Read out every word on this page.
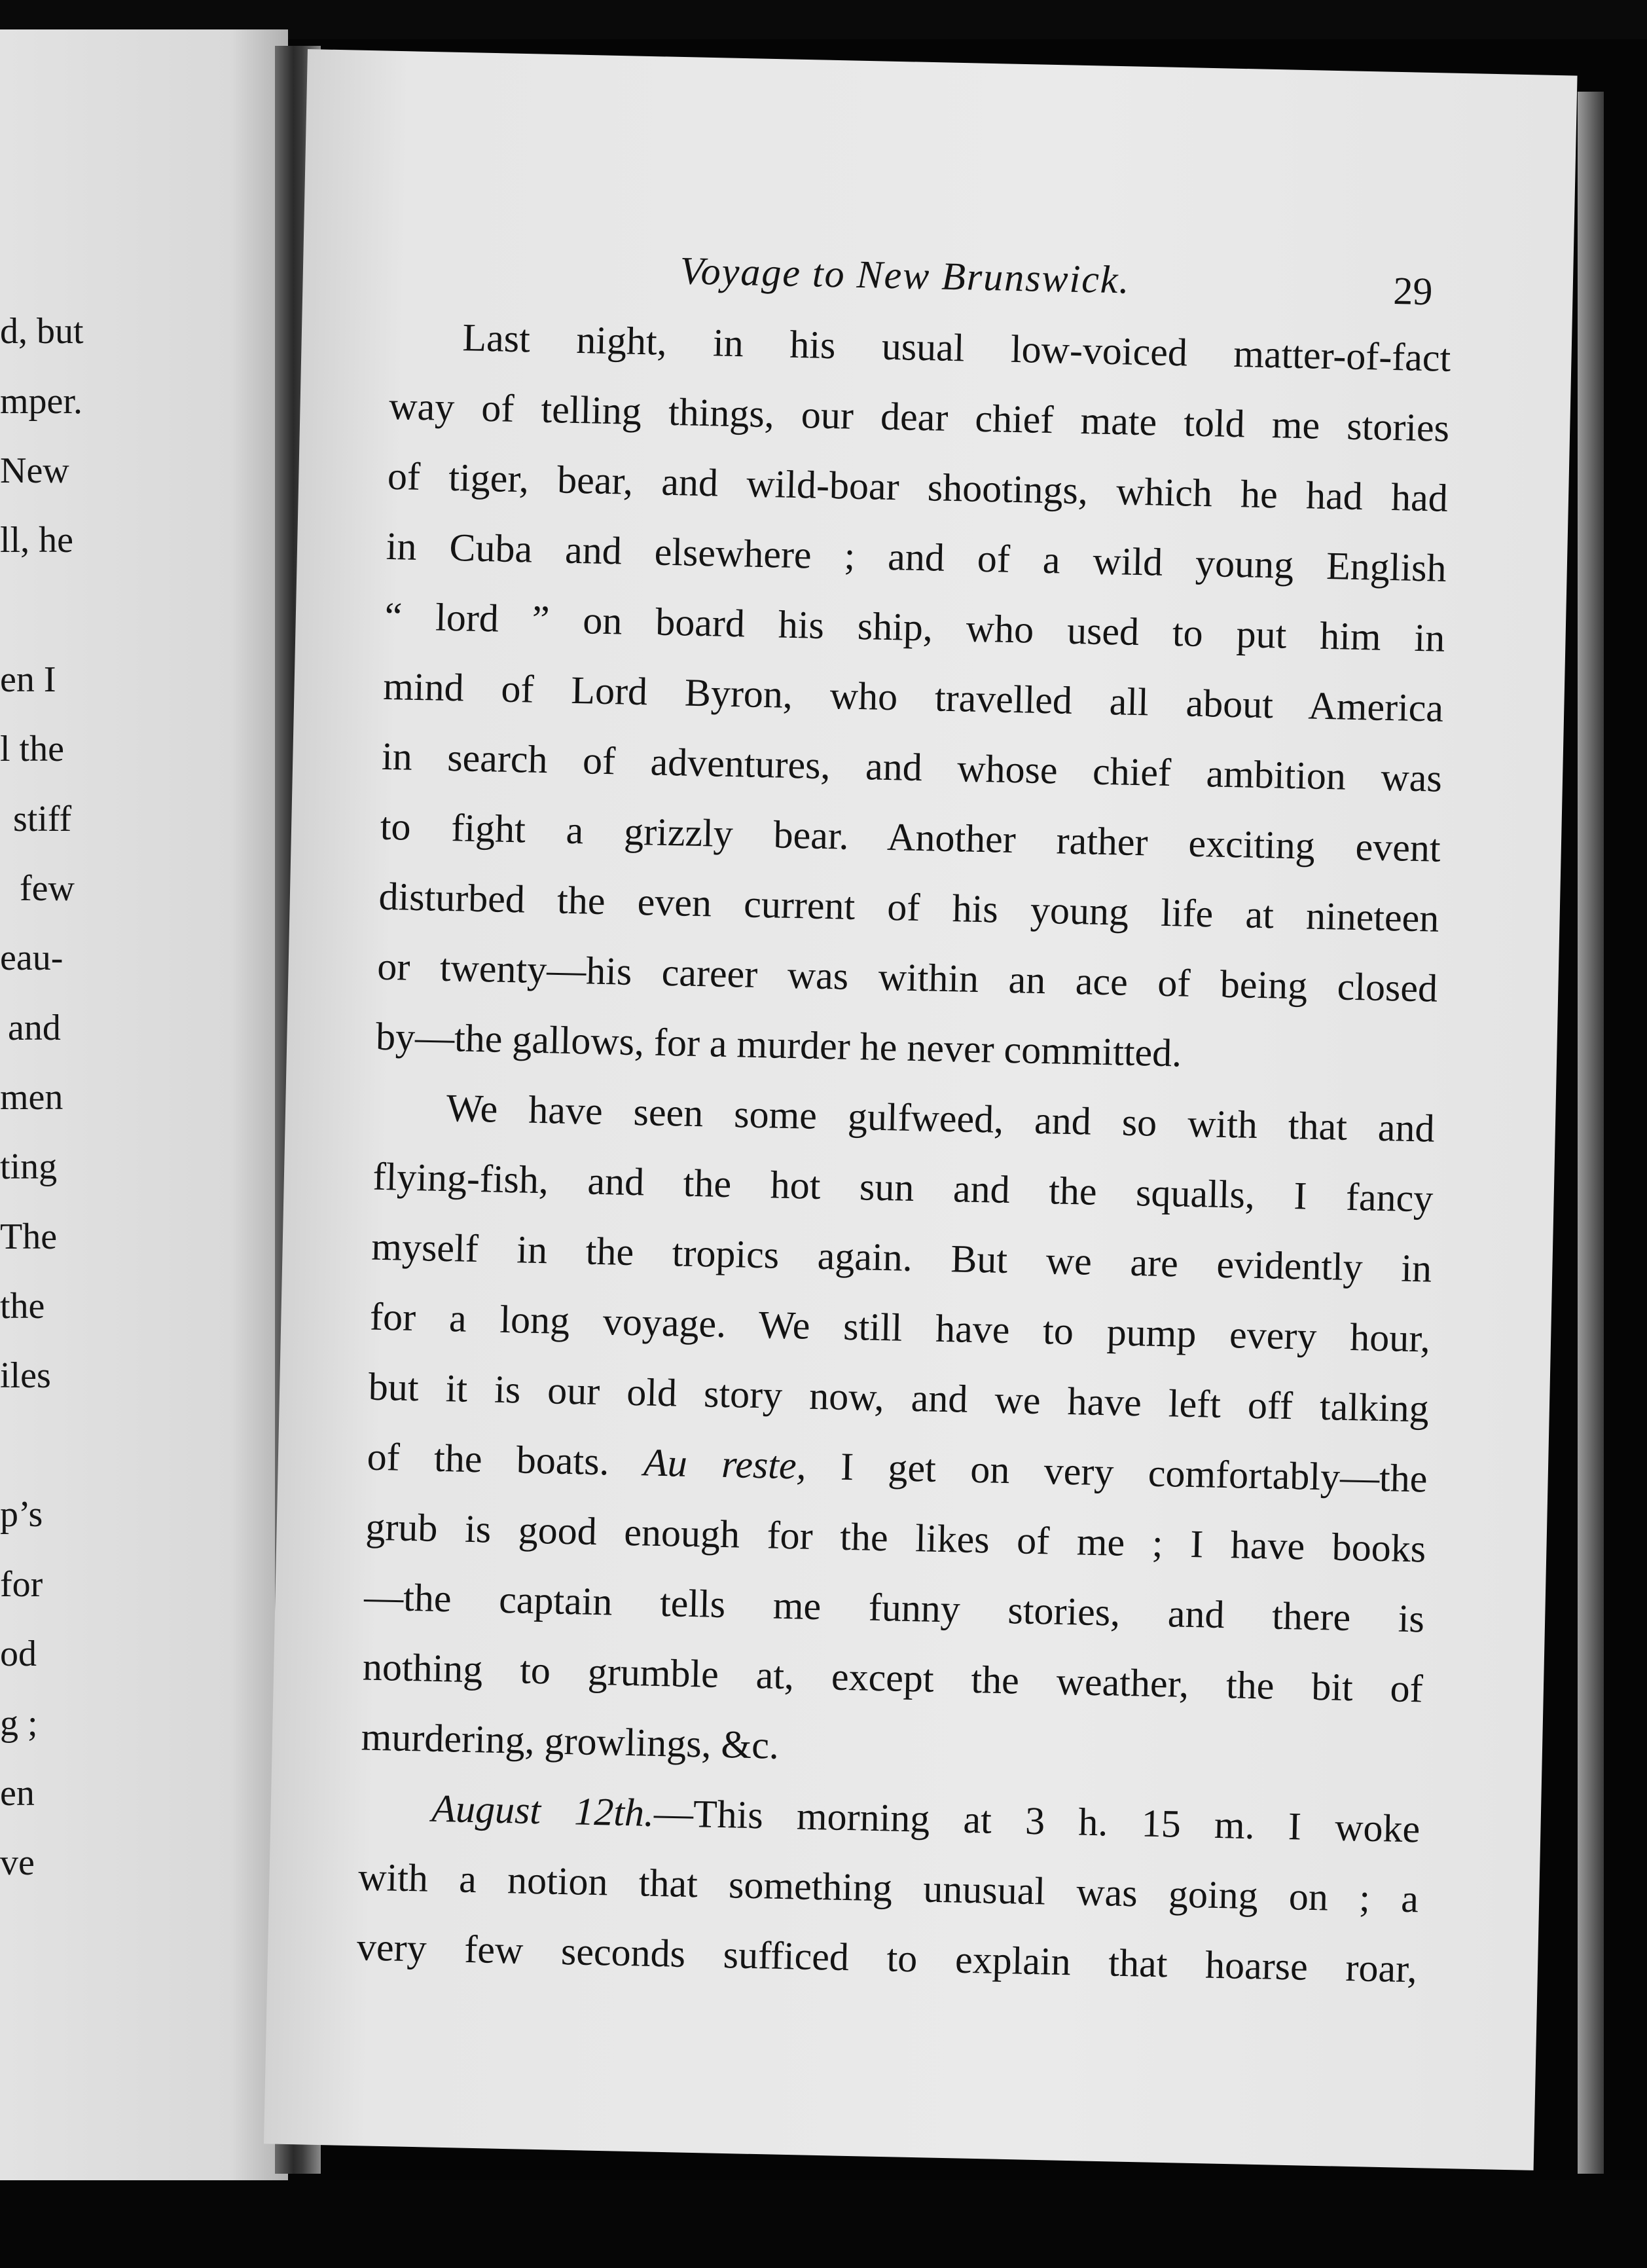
d, but
mper.
New
ll, he
en I
l the
stiff
few
eau-
and
men
ting
The
the
iles
p’s
for
od
g ;
en
ve
Voyage to New Brunswick.	29
Last night, in his usual low-voiced matter-of-fact
way of telling things, our dear chief mate told me stories
of tiger, bear, and wild-boar shootings, which he had had
in Cuba and elsewhere ; and of a wild young English
“ lord ” on board his ship, who used to put him in
mind of Lord Byron, who travelled all about America
in search of adventures, and whose chief ambition was
to fight a grizzly bear. Another rather exciting event
disturbed the even current of his young life at nineteen
or twenty—his career was within an ace of being closed
by—the gallows, for a murder he never committed.
We have seen some gulfweed, and so with that and
flying-fish, and the hot sun and the squalls, I fancy
myself in the tropics again. But we are evidently in
for a long voyage. We still have to pump every hour,
but it is our old story now, and we have left off talking
of the boats. Au reste, I get on very comfortably—the
grub is good enough for the likes of me ; I have books
—the captain tells me funny stories, and there is
nothing to grumble at, except the weather, the bit of
murdering, growlings, &c.
August 12th.—This morning at 3 h. 15 m. I woke
with a notion that something unusual was going on ; a
very few seconds sufficed to explain that hoarse roar,
